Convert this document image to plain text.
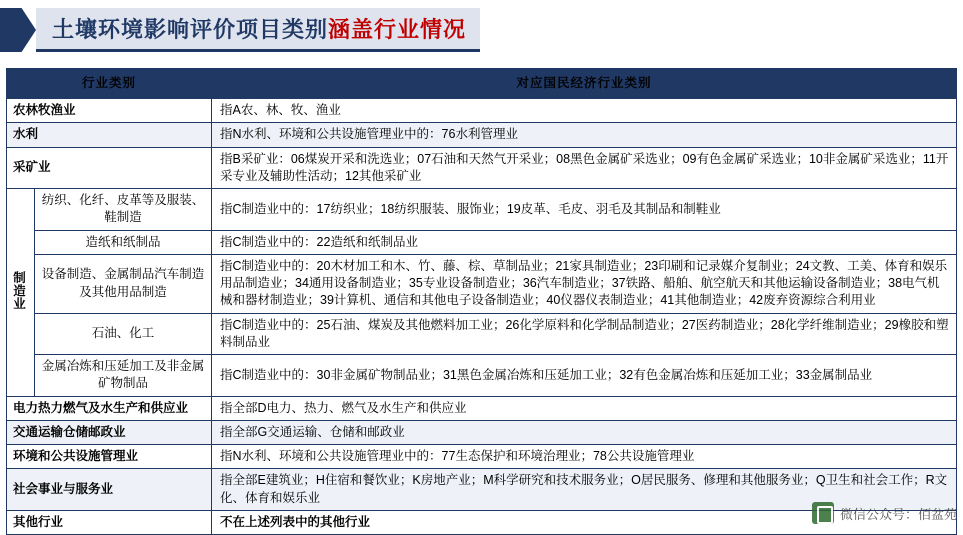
土壤环境影响评价项目类别涵盖行业情况
行业类别		对应国民经济行业类别
农林牧渔业		指A农、林、牧、渔业
水利		指N水利、环境和公共设施管理业中的：76水利管理业
采矿业		指B采矿业：06煤炭开采和洗选业；07石油和天然气开采业；08黑色金属矿采选业；09有色金属矿采选业；10非金属矿采选业；11开采专业及辅助性活动；12其他采矿业
制造业	纺织、化纤、皮革等及服装、鞋制造	指C制造业中的：17纺织业；18纺织服装、服饰业；19皮革、毛皮、羽毛及其制品和制鞋业
	造纸和纸制品	指C制造业中的：22造纸和纸制品业
	设备制造、金属制品汽车制造及其他用品制造	指C制造业中的：20木材加工和木、竹、藤、棕、草制品业；21家具制造业；23印刷和记录媒介复制业；24文教、工美、体育和娱乐用品制造业；34通用设备制造业；35专业设备制造业；36汽车制造业；37铁路、船舶、航空航天和其他运输设备制造业；38电气机械和器材制造业；39计算机、通信和其他电子设备制造业；40仪器仪表制造业；41其他制造业；42废弃资源综合利用业
	石油、化工	指C制造业中的：25石油、煤炭及其他燃料加工业；26化学原料和化学制品制造业；27医药制造业；28化学纤维制造业；29橡胶和塑料制品业
	金属冶炼和压延加工及非金属矿物制品	指C制造业中的：30非金属矿物制品业；31黑色金属冶炼和压延加工业；32有色金属冶炼和压延加工业；33金属制品业
电力热力燃气及水生产和供应业		指全部D电力、热力、燃气及水生产和供应业
交通运输仓储邮政业		指全部G交通运输、仓储和邮政业
环境和公共设施管理业		指N水利、环境和公共设施管理业中的：77生态保护和环境治理业；78公共设施管理业
社会事业与服务业		指全部E建筑业；H住宿和餐饮业；K房地产业；M科学研究和技术服务业；O居民服务、修理和其他服务业；Q卫生和社会工作；R文化、体育和娱乐业
其他行业		不在上述列表中的其他行业
微信公众号：佰盆苑
